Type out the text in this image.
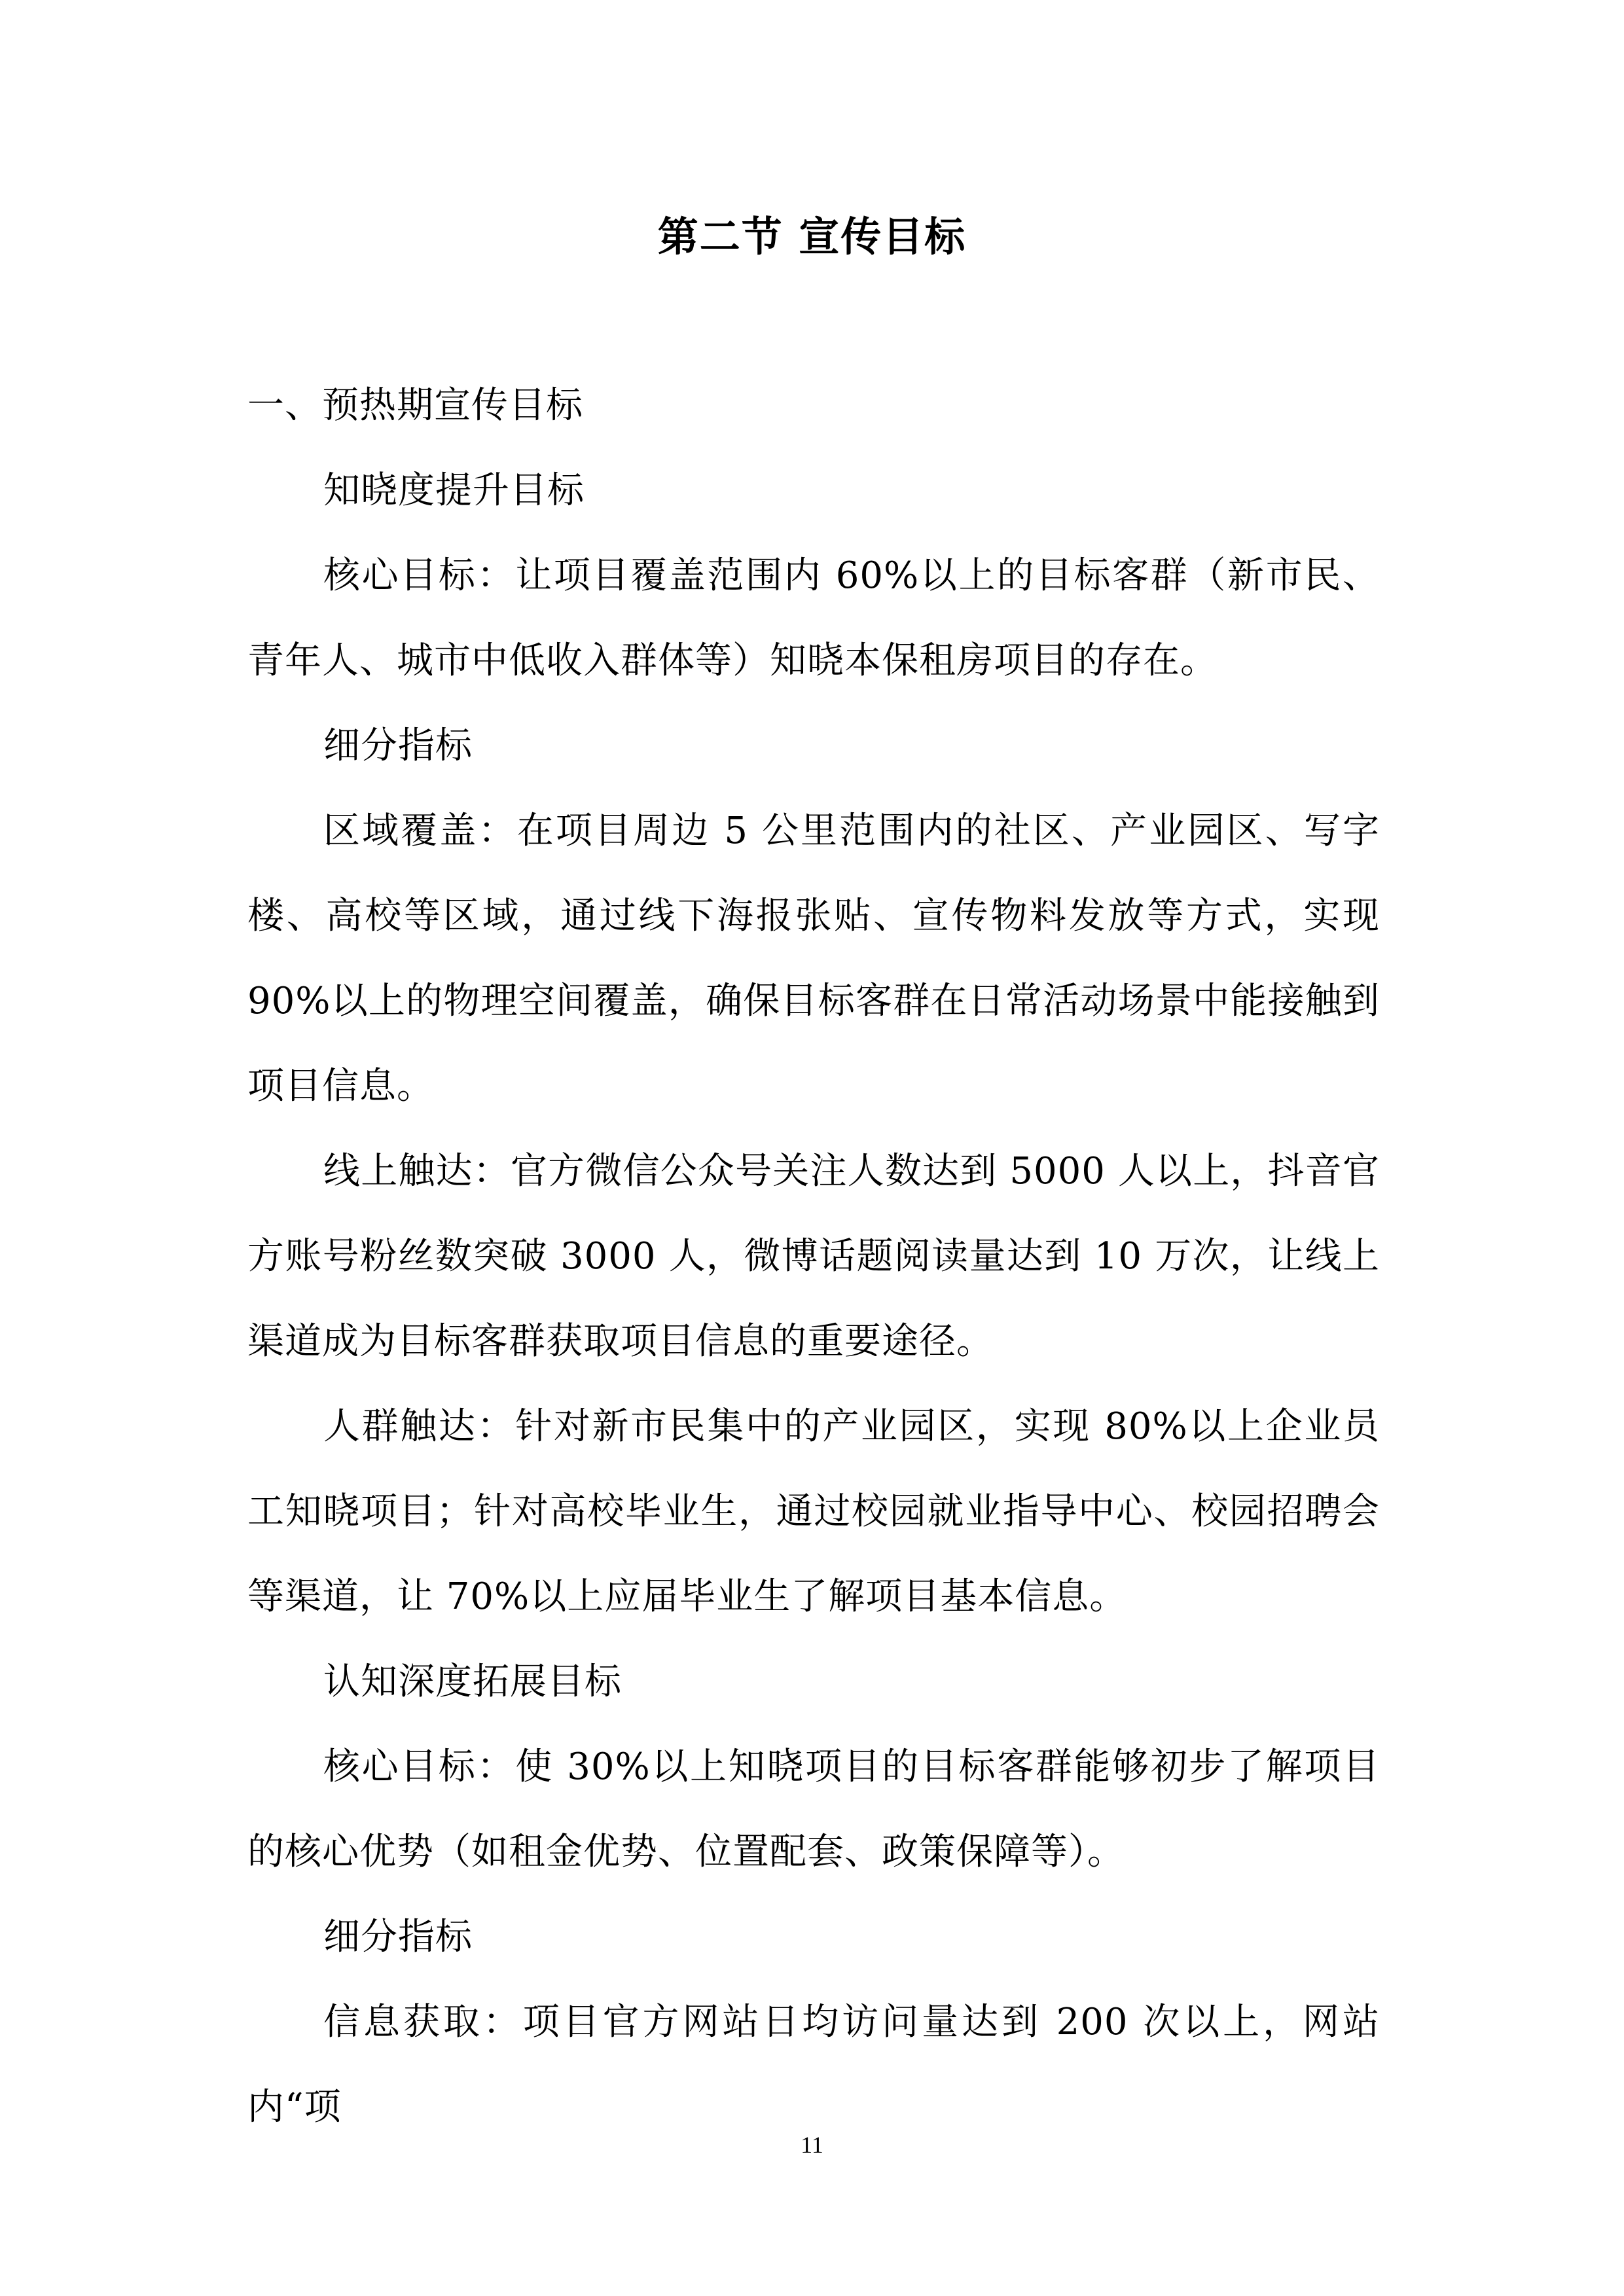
第二节 宣传目标

一、预热期宣传目标

知晓度提升目标

核心目标：让项目覆盖范围内 60%以上的目标客群（新市民、青年人、城市中低收入群体等）知晓本保租房项目的存在。

细分指标

区域覆盖：在项目周边 5 公里范围内的社区、产业园区、写字楼、高校等区域，通过线下海报张贴、宣传物料发放等方式，实现 90%以上的物理空间覆盖，确保目标客群在日常活动场景中能接触到项目信息。

线上触达：官方微信公众号关注人数达到 5000 人以上，抖音官方账号粉丝数突破 3000 人，微博话题阅读量达到 10 万次，让线上渠道成为目标客群获取项目信息的重要途径。

人群触达：针对新市民集中的产业园区，实现 80%以上企业员工知晓项目；针对高校毕业生，通过校园就业指导中心、校园招聘会等渠道，让 70%以上应届毕业生了解项目基本信息。

认知深度拓展目标

核心目标：使 30%以上知晓项目的目标客群能够初步了解项目的核心优势（如租金优势、位置配套、政策保障等）。

细分指标

信息获取：项目官方网站日均访问量达到 200 次以上，网站内“项

11
